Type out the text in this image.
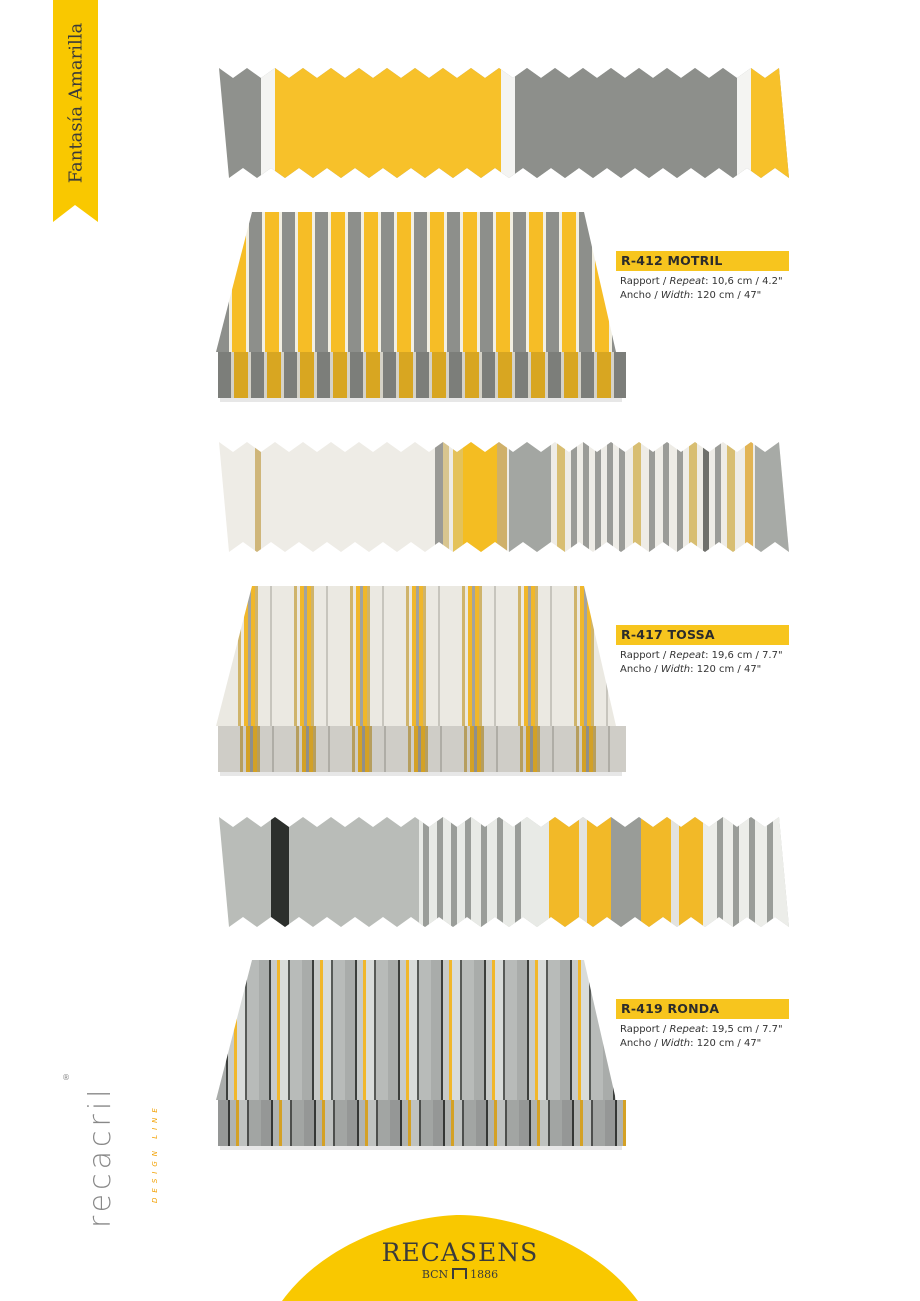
Fantasía Amarilla
R-412 MOTRIL
Rapport / Repeat: 10,6 cm / 4.2"
Ancho / Width: 120 cm / 47"
R-417 TOSSA
Rapport / Repeat: 19,6 cm / 7.7"
Ancho / Width: 120 cm / 47"
R-419 RONDA
Rapport / Repeat: 19,5 cm / 7.7"
Ancho / Width: 120 cm / 47"
recacril
®
DESIGN LINE
RECASENS
BCN 1886
